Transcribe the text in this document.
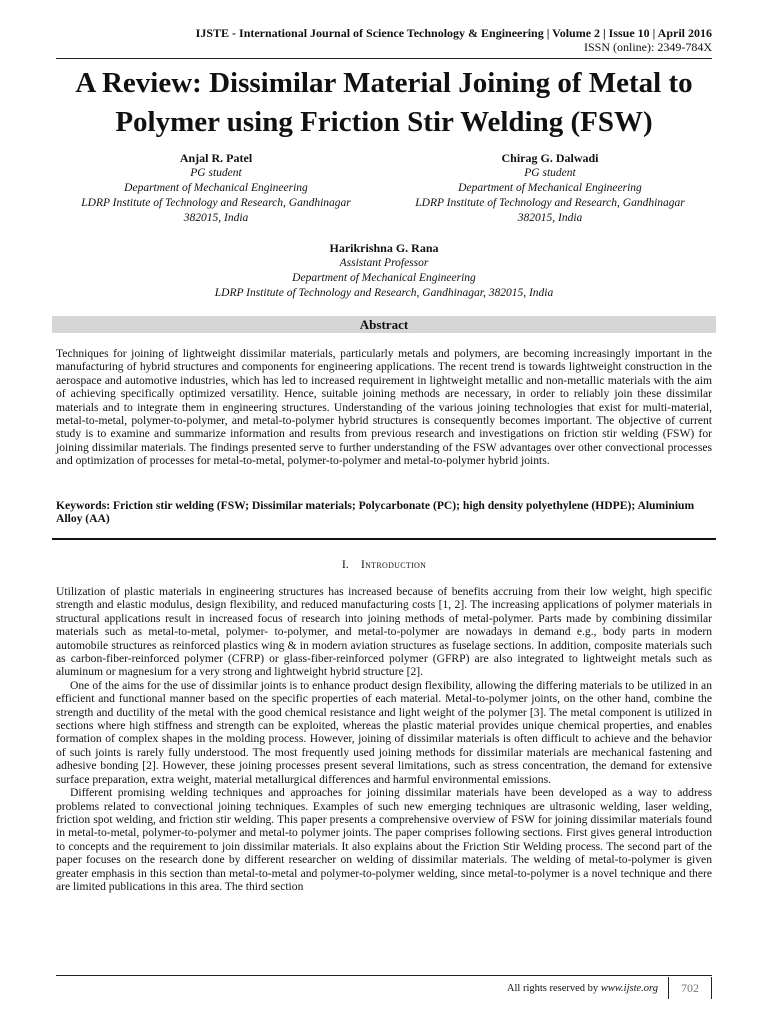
IJSTE - International Journal of Science Technology & Engineering | Volume 2 | Issue 10 | April 2016
ISSN (online): 2349-784X
A Review: Dissimilar Material Joining of Metal to Polymer using Friction Stir Welding (FSW)
Anjal R. Patel
PG student
Department of Mechanical Engineering
LDRP Institute of Technology and Research, Gandhinagar
382015, India
Chirag G. Dalwadi
PG student
Department of Mechanical Engineering
LDRP Institute of Technology and Research, Gandhinagar
382015, India
Harikrishna G. Rana
Assistant Professor
Department of Mechanical Engineering
LDRP Institute of Technology and Research, Gandhinagar, 382015, India
Abstract
Techniques for joining of lightweight dissimilar materials, particularly metals and polymers, are becoming increasingly important in the manufacturing of hybrid structures and components for engineering applications. The recent trend is towards lightweight construction in the aerospace and automotive industries, which has led to increased requirement in lightweight metallic and non-metallic materials with the aim of achieving specifically optimized versatility. Hence, suitable joining methods are necessary, in order to reliably join these dissimilar materials and to integrate them in engineering structures. Understanding of the various joining technologies that exist for multi-material, metal-to-metal, polymer-to-polymer, and metal-to-polymer hybrid structures is consequently becomes important. The objective of current study is to examine and summarize information and results from previous research and investigations on friction stir welding (FSW) for joining dissimilar materials. The findings presented serve to further understanding of the FSW advantages over other convectional processes and optimization of processes for metal-to-metal, polymer-to-polymer and metal-to-polymer hybrid joints.
Keywords: Friction stir welding (FSW; Dissimilar materials; Polycarbonate (PC); high density polyethylene (HDPE); Aluminium Alloy (AA)
I. Introduction

Utilization of plastic materials in engineering structures has increased because of benefits accruing from their low weight, high specific strength and elastic modulus, design flexibility, and reduced manufacturing costs [1, 2]. The increasing applications of polymer materials in structural applications result in increased focus of research into joining methods of metal-polymer. Parts made by combining dissimilar materials such as metal-to-metal, polymer- to-polymer, and metal-to-polymer are nowadays in demand e.g., body parts in modern automobile structures as reinforced plastics wing & in modern aviation structures as fuselage sections. In addition, composite materials such as carbon-fiber-reinforced polymer (CFRP) or glass-fiber-reinforced polymer (GFRP) are also integrated to lightweight metals such as aluminum or magnesium for a very strong and lightweight hybrid structure [2].

One of the aims for the use of dissimilar joints is to enhance product design flexibility, allowing the differing materials to be utilized in an efficient and functional manner based on the specific properties of each material. Metal-to-polymer joints, on the other hand, combine the strength and ductility of the metal with the good chemical resistance and light weight of the polymer [3]. The metal component is utilized in sections where high stiffness and strength can be exploited, whereas the plastic material provides unique chemical properties, and enables formation of complex shapes in the molding process. However, joining of dissimilar materials is often difficult to achieve and the behavior of such joints is rarely fully understood. The most frequently used joining methods for dissimilar materials are mechanical fastening and adhesive bonding [2]. However, these joining processes present several limitations, such as stress concentration, the demand for extensive surface preparation, extra weight, material metallurgical differences and harmful environmental emissions.

Different promising welding techniques and approaches for joining dissimilar materials have been developed as a way to address problems related to convectional joining techniques. Examples of such new emerging techniques are ultrasonic welding, laser welding, friction spot welding, and friction stir welding. This paper presents a comprehensive overview of FSW for joining dissimilar materials found in metal-to-metal, polymer-to-polymer and metal-to polymer joints. The paper comprises following sections. First gives general introduction to concepts and the requirement to join dissimilar materials. It also explains about the Friction Stir Welding process. The second part of the paper focuses on the research done by different researcher on welding of dissimilar materials. The welding of metal-to-polymer is given greater emphasis in this section than metal-to-metal and polymer-to-polymer welding, since metal-to-polymer is a novel technique and there are limited publications in this area. The third section

All rights reserved by www.ijste.org	702
